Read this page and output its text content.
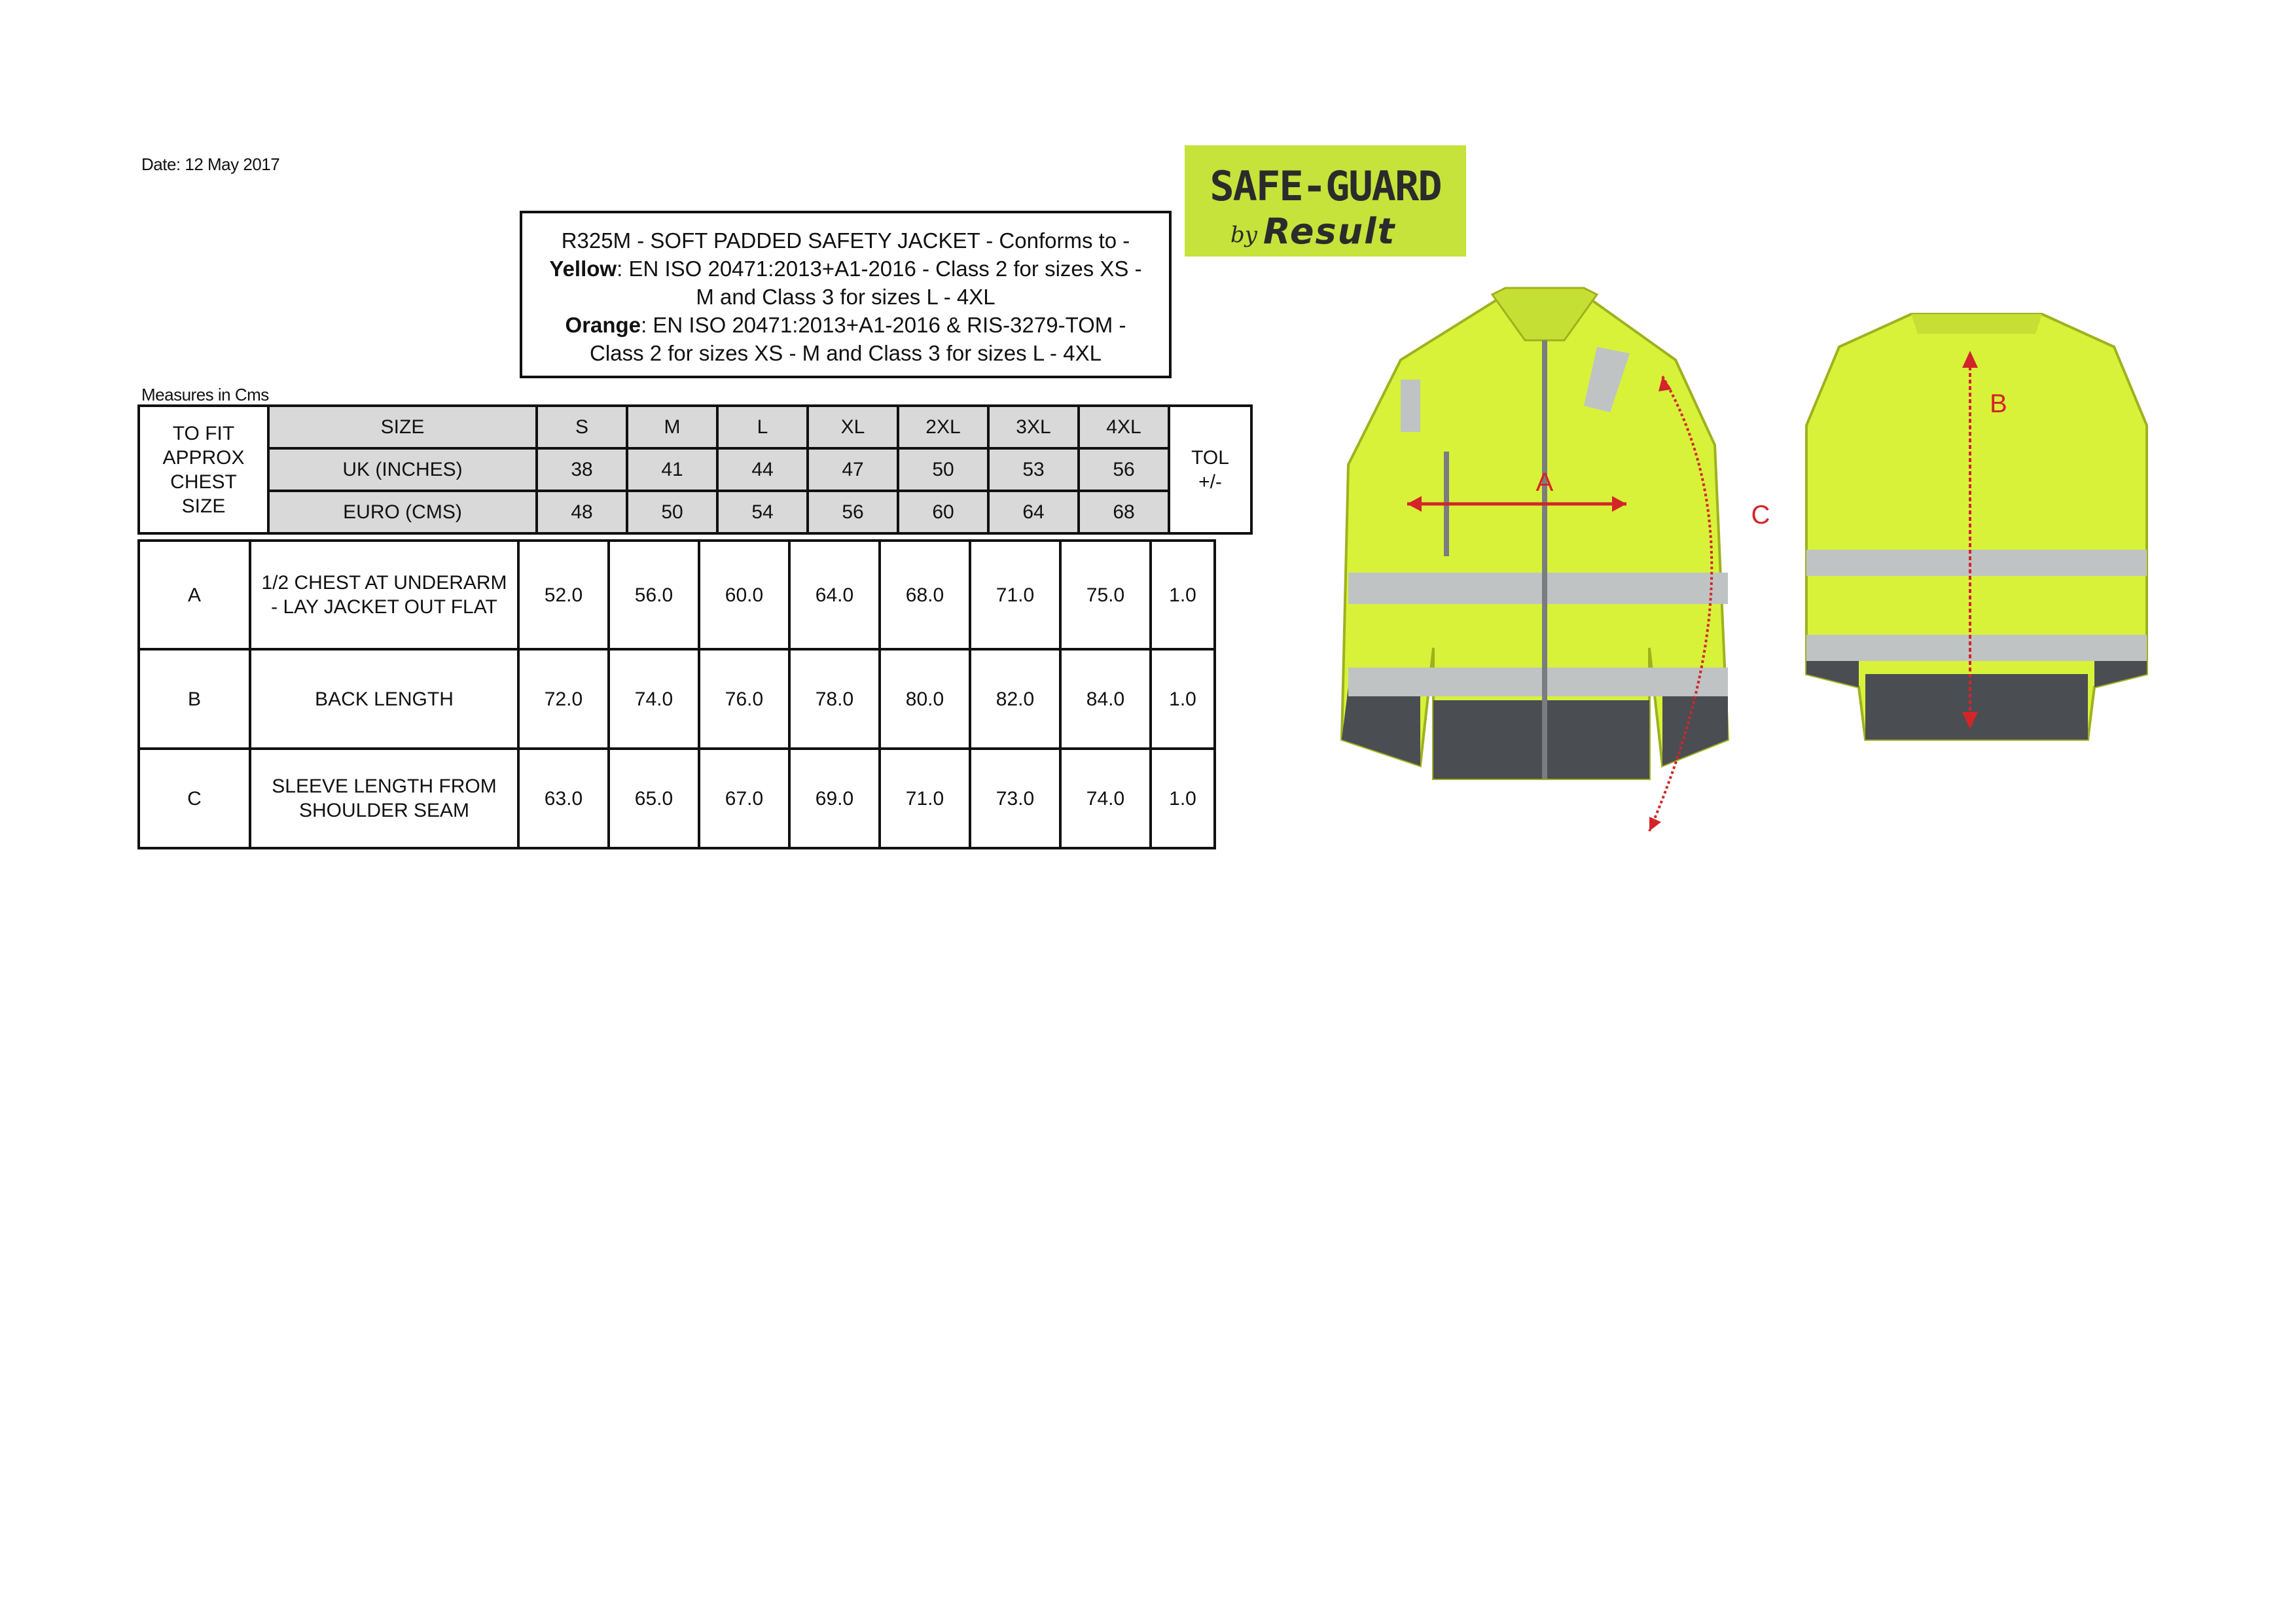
Date: 12 May 2017
R325M - SOFT PADDED SAFETY JACKET - Conforms to -
Yellow: EN ISO 20471:2013+A1-2016 - Class 2 for sizes XS -
M and Class 3 for sizes L - 4XL
Orange: EN ISO 20471:2013+A1-2016 & RIS-3279-TOM -
Class 2 for sizes XS - M and Class 3 for sizes L - 4XL
SAFE-GUARD
by Result
Measures in Cms
TO FIT APPROX CHEST SIZE	SIZE	S	M	L	XL	2XL	3XL	4XL	TOL +/-
	UK (INCHES)	38	41	44	47	50	53	56	
	EURO (CMS)	48	50	54	56	60	64	68	
A	1/2 CHEST AT UNDERARM
- LAY JACKET OUT FLAT	52.0	56.0	60.0	64.0	68.0	71.0	75.0	1.0
B	BACK LENGTH	72.0	74.0	76.0	78.0	80.0	82.0	84.0	1.0
C	SLEEVE LENGTH FROM
SHOULDER SEAM	63.0	65.0	67.0	69.0	71.0	73.0	74.0	1.0
A
C
B
